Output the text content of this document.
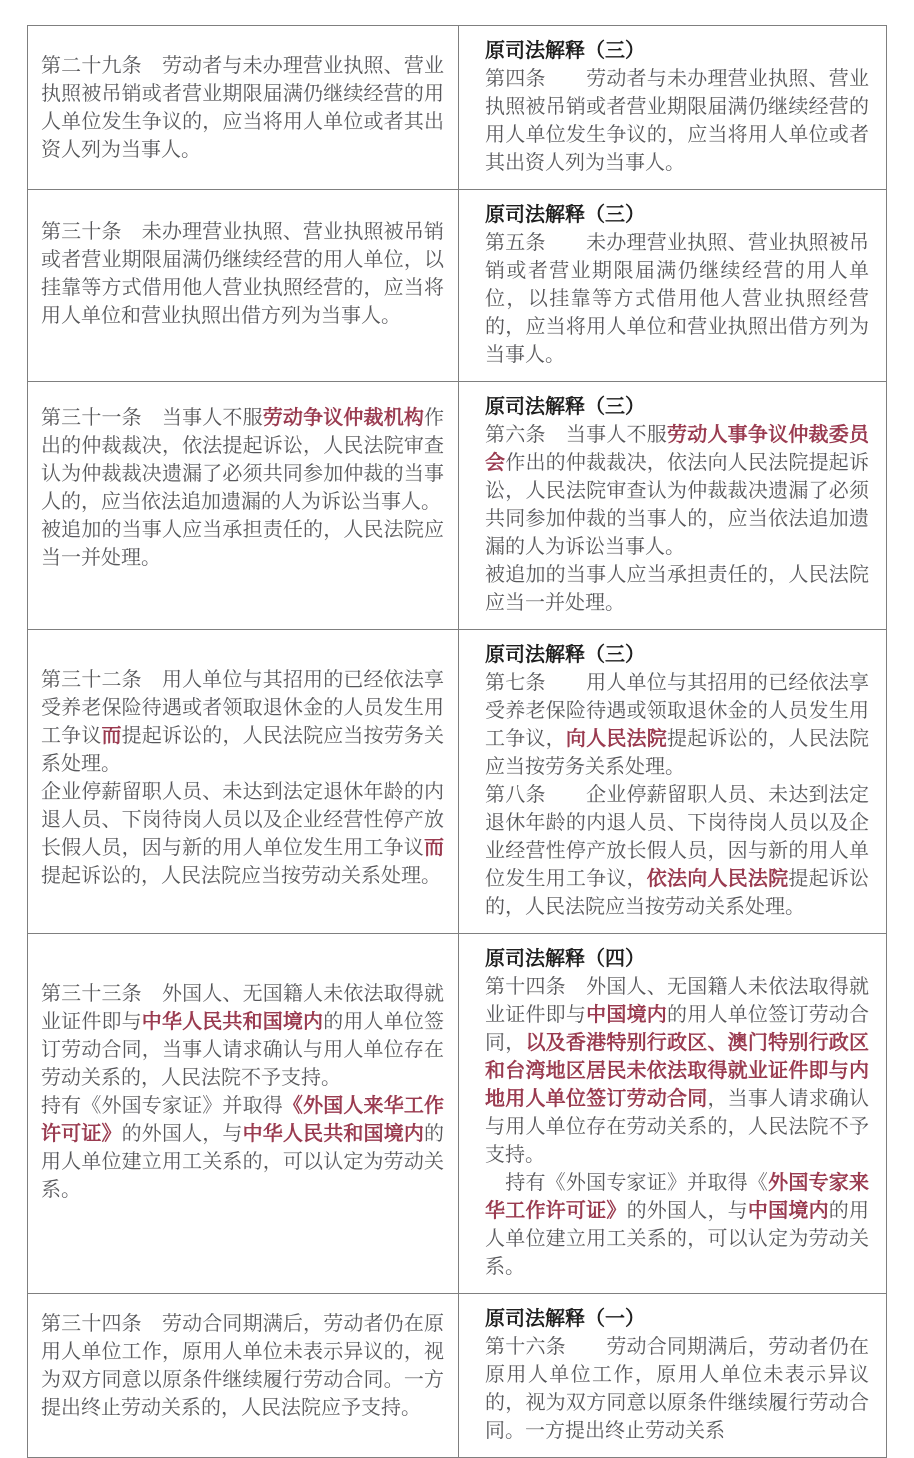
第二十九条　劳动者与未办理营业执照、营业执照被吊销或者营业期限届满仍继续经营的用人单位发生争议的，应当将用人单位或者其出资人列为当事人。
原司法解释（三）
第四条　　劳动者与未办理营业执照、营业执照被吊销或者营业期限届满仍继续经营的用人单位发生争议的，应当将用人单位或者其出资人列为当事人。
第三十条　未办理营业执照、营业执照被吊销或者营业期限届满仍继续经营的用人单位，以挂靠等方式借用他人营业执照经营的，应当将用人单位和营业执照出借方列为当事人。
原司法解释（三）
第五条　　未办理营业执照、营业执照被吊销或者营业期限届满仍继续经营的用人单位，以挂靠等方式借用他人营业执照经营的，应当将用人单位和营业执照出借方列为当事人。
第三十一条　当事人不服劳动争议仲裁机构作出的仲裁裁决，依法提起诉讼，人民法院审查认为仲裁裁决遗漏了必须共同参加仲裁的当事人的，应当依法追加遗漏的人为诉讼当事人。
被追加的当事人应当承担责任的，人民法院应当一并处理。
原司法解释（三）
第六条　当事人不服劳动人事争议仲裁委员会作出的仲裁裁决，依法向人民法院提起诉讼，人民法院审查认为仲裁裁决遗漏了必须共同参加仲裁的当事人的，应当依法追加遗漏的人为诉讼当事人。
被追加的当事人应当承担责任的，人民法院应当一并处理。
第三十二条　用人单位与其招用的已经依法享受养老保险待遇或者领取退休金的人员发生用工争议而提起诉讼的，人民法院应当按劳务关系处理。
企业停薪留职人员、未达到法定退休年龄的内退人员、下岗待岗人员以及企业经营性停产放长假人员，因与新的用人单位发生用工争议而提起诉讼的，人民法院应当按劳动关系处理。
原司法解释（三）
第七条　　用人单位与其招用的已经依法享受养老保险待遇或领取退休金的人员发生用工争议，向人民法院提起诉讼的，人民法院应当按劳务关系处理。
第八条　　企业停薪留职人员、未达到法定退休年龄的内退人员、下岗待岗人员以及企业经营性停产放长假人员，因与新的用人单位发生用工争议，依法向人民法院提起诉讼的，人民法院应当按劳动关系处理。
第三十三条　外国人、无国籍人未依法取得就业证件即与中华人民共和国境内的用人单位签订劳动合同，当事人请求确认与用人单位存在劳动关系的，人民法院不予支持。
持有《外国专家证》并取得《外国人来华工作许可证》的外国人，与中华人民共和国境内的用人单位建立用工关系的，可以认定为劳动关系。
原司法解释（四）
第十四条　外国人、无国籍人未依法取得就业证件即与中国境内的用人单位签订劳动合同，以及香港特别行政区、澳门特别行政区和台湾地区居民未依法取得就业证件即与内地用人单位签订劳动合同，当事人请求确认与用人单位存在劳动关系的，人民法院不予支持。
　持有《外国专家证》并取得《外国专家来华工作许可证》的外国人，与中国境内的用人单位建立用工关系的，可以认定为劳动关系。
第三十四条　劳动合同期满后，劳动者仍在原用人单位工作，原用人单位未表示异议的，视为双方同意以原条件继续履行劳动合同。一方提出终止劳动关系的，人民法院应予支持。
原司法解释（一）
第十六条　　劳动合同期满后，劳动者仍在原用人单位工作，原用人单位未表示异议的，视为双方同意以原条件继续履行劳动合同。一方提出终止劳动关系
